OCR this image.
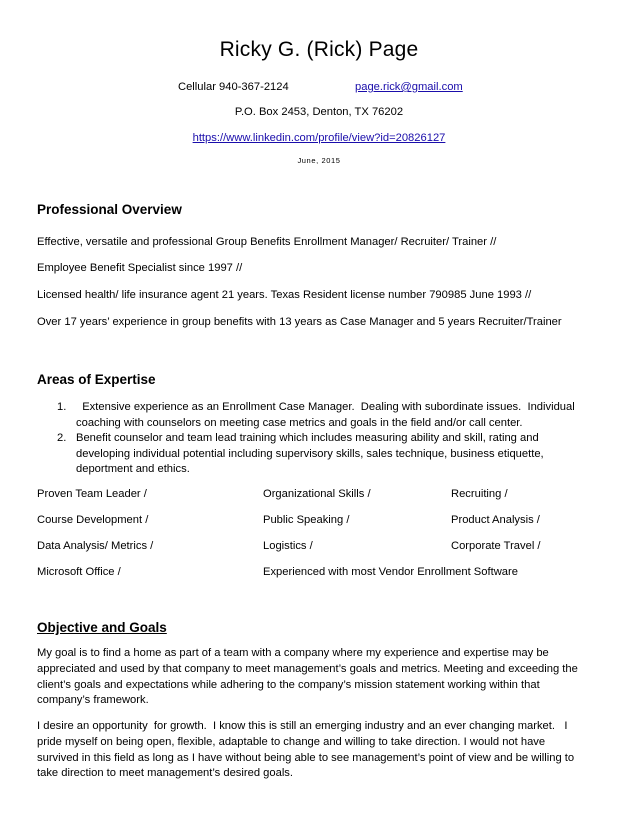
Ricky G. (Rick) Page
Cellular 940-367-2124	page.rick@gmail.com
P.O. Box 2453, Denton, TX 76202
https://www.linkedin.com/profile/view?id=20826127
June, 2015
Professional Overview
Effective, versatile and professional Group Benefits Enrollment Manager/ Recruiter/ Trainer //
Employee Benefit Specialist since 1997 //
Licensed health/ life insurance agent 21 years. Texas Resident license number 790985 June 1993 //
Over 17 years’ experience in group benefits with 13 years as Case Manager and 5 years Recruiter/Trainer
Areas of Expertise
1. Extensive experience as an Enrollment Case Manager.  Dealing with subordinate issues.  Individual
coaching with counselors on meeting case metrics and goals in the field and/or call center.
2. Benefit counselor and team lead training which includes measuring ability and skill, rating and
developing individual potential including supervisory skills, sales technique, business etiquette,
deportment and ethics.
Proven Team Leader /	Organizational Skills /	Recruiting /
Course Development /	Public Speaking /	Product Analysis /
Data Analysis/ Metrics /	Logistics /	Corporate Travel /
Microsoft Office /	Experienced with most Vendor Enrollment Software
Objective and Goals
My goal is to find a home as part of a team with a company where my experience and expertise may be
appreciated and used by that company to meet management’s goals and metrics. Meeting and exceeding the
client’s goals and expectations while adhering to the company’s mission statement working within that
company’s framework.
I desire an opportunity  for growth.  I know this is still an emerging industry and an ever changing market.   I
pride myself on being open, flexible, adaptable to change and willing to take direction. I would not have
survived in this field as long as I have without being able to see management’s point of view and be willing to
take direction to meet management’s desired goals.
